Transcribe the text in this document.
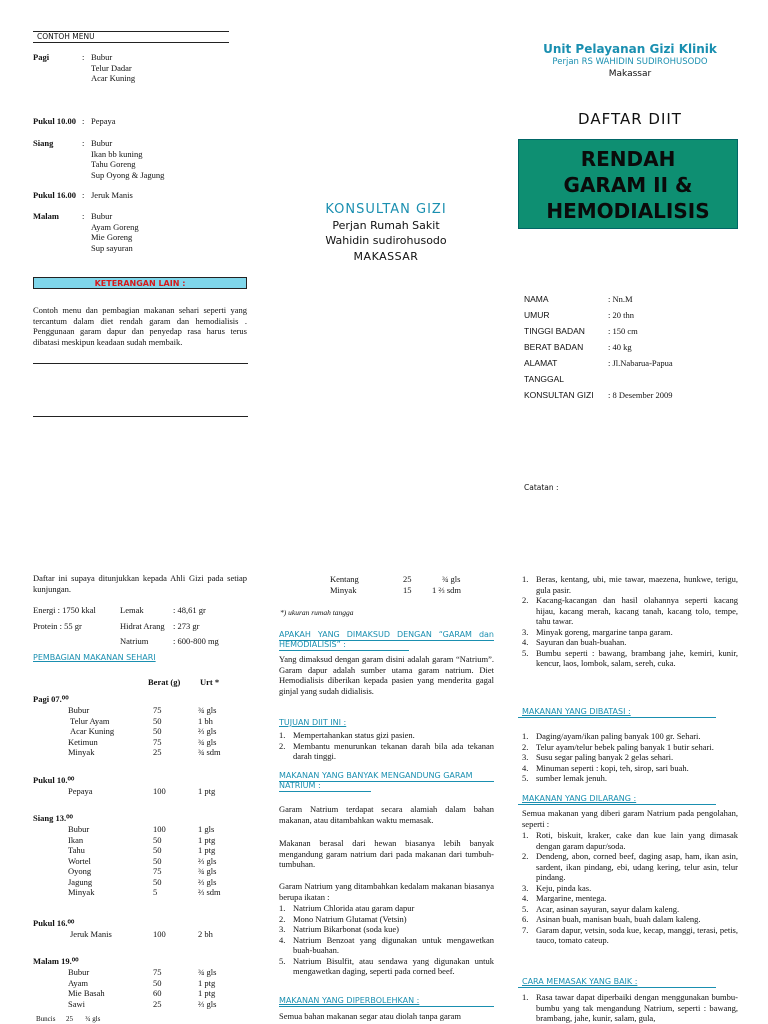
CONTOH MENU
Pagi	: Bubur
Telur Dadar
Acar Kuning
Pukul 10.00 : Pepaya
Siang	: Bubur
Ikan bb kuning
Tahu Goreng
Sup Oyong & Jagung
Pukul 16.00 : Jeruk Manis
Malam	: Bubur
Ayam Goreng
Mie Goreng
Sup sayuran
KETERANGAN LAIN :
Contoh menu dan pembagian makanan sehari seperti yang tercantum dalam diet rendah garam dan hemodialisis . Penggunaan garam dapur dan penyedap rasa harus terus dibatasi meskipun keadaan sudah membaik.
KONSULTAN GIZI
Perjan Rumah Sakit
Wahidin sudirohusodo
MAKASSAR
Unit Pelayanan Gizi Klinik
Perjan RS WAHIDIN SUDIROHUSODO
Makassar
DAFTAR DIIT
RENDAH
GARAM II &
HEMODIALISIS
NAMA	: Nn.M
UMUR	: 20 thn
TINGGI BADAN	: 150 cm
BERAT BADAN	: 40 kg
ALAMAT	: Jl.Nabarua-Papua
TANGGAL
KONSULTAN GIZI : 8 Desember 2009
Catatan :
Daftar ini supaya ditunjukkan kepada Ahli Gizi pada setiap kunjungan.
Energi : 1750 kkal	Lemak	: 48,61 gr
Protein : 55 gr	Hidrat Arang : 273 gr
Natrium	: 600-800 mg
PEMBAGIAN MAKANAN SEHARI
Berat (g) Urt *
Pagi 07.⁰⁰
Bubur	75	¾ gls
Telur Ayam	50	1 bh
Acar Kuning	50	⅔ gls
Ketimun	75	¾ gls
Minyak	25	¾ sdm
Pukul 10.⁰⁰
Pepaya	100	1 ptg
Siang 13.⁰⁰
Bubur	100	1 gls
Ikan	50	1 ptg
Tahu	50	1 ptg
Wortel	50	⅔ gls
Oyong	75	¾ gls
Jagung	50	⅔ gls
Minyak	5	⅔ sdm
Pukul 16.⁰⁰
Jeruk Manis	100	2 bh
Malam 19.⁰⁰
Bubur	75	¾ gls
Ayam	50	1 ptg
Mie Basah	60	1 ptg
Sawi	25	⅔ gls
Buncis      25       ¾ gls
Kentang	25	¾ gls
Minyak	15 1 ⅔ sdm
*) ukuran rumah tangga
APAKAH YANG DIMAKSUD DENGAN “GARAM dan HEMODIALISIS” :
Yang dimaksud dengan garam disini adalah garam “Natrium”. Garam dapur adalah sumber utama garam natrium. Diet Hemodialisis diberikan kepada pasien yang menderita gagal ginjal yang sudah didialisis.
TUJUAN DIIT INI :
1. Mempertahankan status gizi pasien.
2. Membantu menurunkan tekanan darah bila ada tekanan darah tinggi.
MAKANAN YANG BANYAK MENGANDUNG GARAM NATRIUM :
Garam Natrium terdapat secara alamiah dalam bahan makanan, atau ditambahkan waktu memasak.
Makanan berasal dari hewan biasanya lebih banyak mengandung garam natrium dari pada makanan dari tumbuh-tumbuhan.
Garam Natrium yang ditambahkan kedalam makanan biasanya berupa ikatan :
1. Natrium Chlorida atau garam dapur
2. Mono Natrium Glutamat (Vetsin)
3. Natrium Bikarbonat (soda kue)
4. Natrium Benzoat yang digunakan untuk mengawetkan buah-buahan.
5. Natrium Bisulfit, atau sendawa yang digunakan untuk mengawetkan daging, seperti pada corned beef.
MAKANAN YANG DIPERBOLEHKAN :
Semua bahan makanan segar atau diolah tanpa garam
1. Beras, kentang, ubi, mie tawar, maezena, hunkwe, terigu, gula pasir.
2. Kacang-kacangan dan hasil olahannya seperti kacang hijau, kacang merah, kacang tanah, kacang tolo, tempe, tahu tawar.
3. Minyak goreng, margarine tanpa garam.
4. Sayuran dan buah-buahan.
5. Bumbu seperti : bawang, brambang jahe, kemiri, kunir, kencur, laos, lombok, salam, sereh, cuka.
MAKANAN YANG DIBATASI :
1. Daging/ayam/ikan paling banyak 100 gr. Sehari.
2. Telur ayam/telur bebek paling banyak 1 butir sehari.
3. Susu segar paling banyak 2 gelas sehari.
4. Minuman seperti : kopi, teh, sirop, sari buah.
5. sumber lemak jenuh.
MAKANAN YANG DILARANG :
Semua makanan yang diberi garam Natrium pada pengolahan, seperti :
1. Roti, biskuit, kraker, cake dan kue lain yang dimasak dengan garam dapur/soda.
2. Dendeng, abon, corned beef, daging asap, ham, ikan asin, sardent, ikan pindang, ebi, udang kering, telur asin, telur pindang.
3. Keju, pinda kas.
4. Margarine, mentega.
5. Acar, asinan sayuran, sayur dalam kaleng.
6. Asinan buah, manisan buah, buah dalam kaleng.
7. Garam dapur, vetsin, soda kue, kecap, manggi, terasi, petis, tauco, tomato cateup.
CARA MEMASAK YANG BAIK :
1. Rasa tawar dapat diperbaiki dengan menggunakan bumbu-bumbu yang tak mengandung Natrium, seperti : bawang, brambang, jahe, kunir, salam, gula,
